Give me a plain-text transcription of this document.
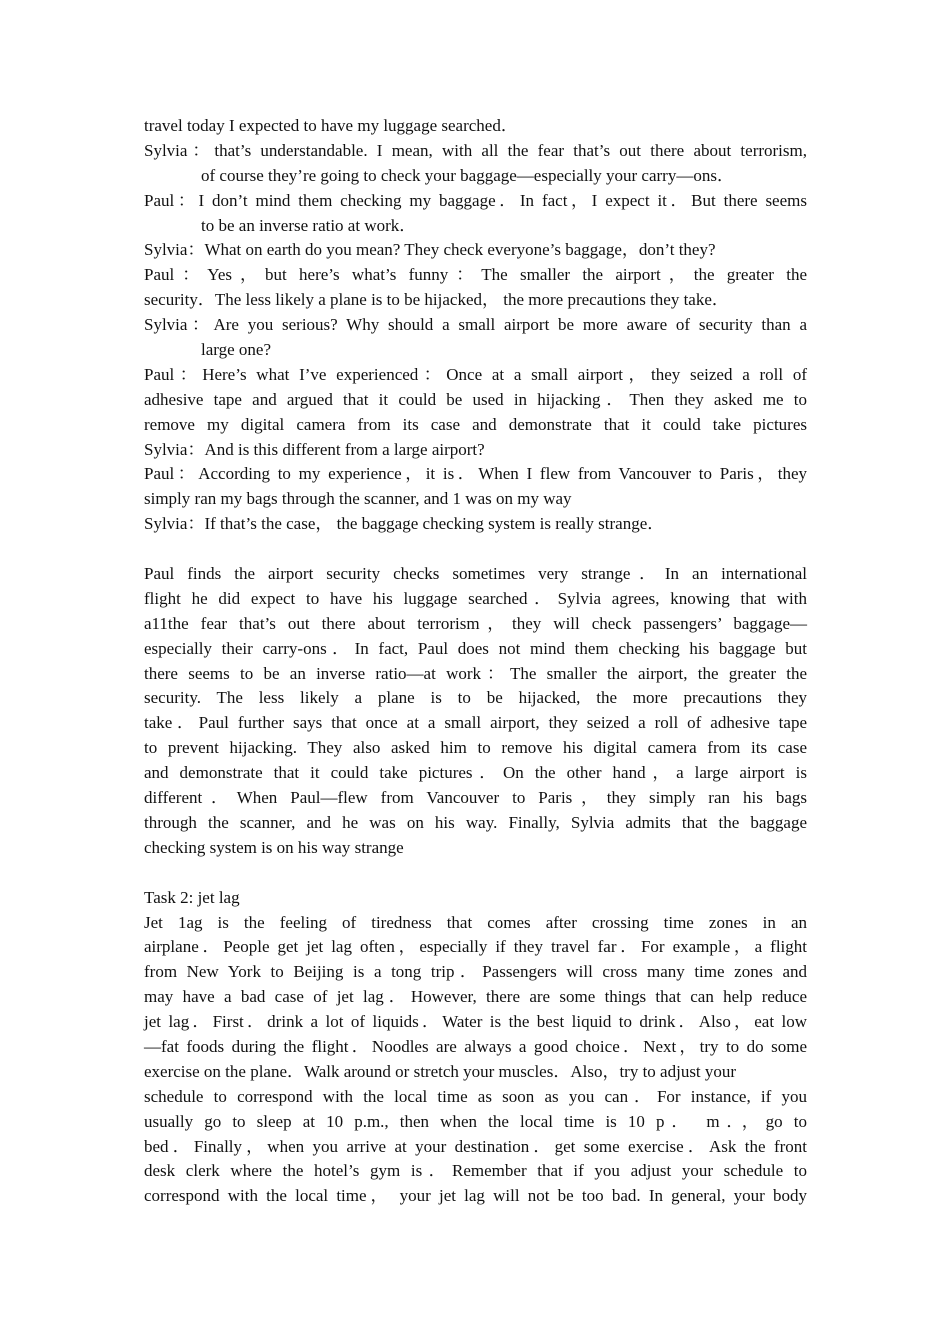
travel today I expected to have my luggage searched．
Sylvia：that’s understandable. I mean, with all the fear that’s out there about terrorism,
of course they’re going to check your baggage—especially your carry—ons．
Paul：I don’t mind them checking my baggage．In fact，I expect it．But there seems
to be an inverse ratio at work．
Sylvia：What on earth do you mean? They check everyone’s baggage，don’t they?
Paul：Yes，but here’s what’s funny：The smaller the airport，the greater the
security．The less likely a plane is to be hijacked， the more precautions they take．
Sylvia：Are you serious? Why should a small airport be more aware of security than a
large one?
Paul：Here’s what I’ve experienced：Once at a small airport，they seized a roll of
adhesive tape and argued that it could be used in hijacking．Then they asked me to
remove my digital camera from its case and demonstrate that it could take pictures
Sylvia：And is this different from a large airport?
Paul：According to my experience，it is．When I flew from Vancouver to Paris，they
simply ran my bags through the scanner, and 1 was on my way
Sylvia：If that’s the case， the baggage checking system is really strange．
Paul finds the airport security checks sometimes very strange．In an international
flight he did expect to have his luggage searched．Sylvia agrees, knowing that with
a11the fear that’s out there about terrorism，they will check passengers’ baggage—
especially their carry-ons．In fact, Paul does not mind them checking his baggage but
there seems to be an inverse ratio—at work：The smaller the airport, the greater the
security. The less likely a plane is to be hijacked, the more precautions they
take．Paul further says that once at a small airport, they seized a roll of adhesive tape
to prevent hijacking. They also asked him to remove his digital camera from its case
and demonstrate that it could take pictures．On the other hand，a large airport is
different．When Paul—flew from Vancouver to Paris，they simply ran his bags
through the scanner, and he was on his way. Finally, Sylvia admits that the baggage
checking system is on his way strange
Task 2: jet lag
Jet 1ag is the feeling of tiredness that comes after crossing time zones in an
airplane．People get jet lag often，especially if they travel far．For example，a flight
from New York to Beijing is a tong trip．Passengers will cross many time zones and
may have a bad case of jet lag．However, there are some things that can help reduce
jet lag．First．drink a lot of liquids．Water is the best liquid to drink．Also，eat low
—fat foods during the flight．Noodles are always a good choice．Next，try to do some
exercise on the plane．Walk around or stretch your muscles．Also，try to adjust your
schedule to correspond with the local time as soon as you can．For instance, if you
usually go to sleep at 10 p.m., then when the local time is 10 p． m．，go to
bed．Finally，when you arrive at your destination．get some exercise．Ask the front
desk clerk where the hotel’s gym is．Remember that if you adjust your schedule to
correspond with the local time， your jet lag will not be too bad. In general, your body
